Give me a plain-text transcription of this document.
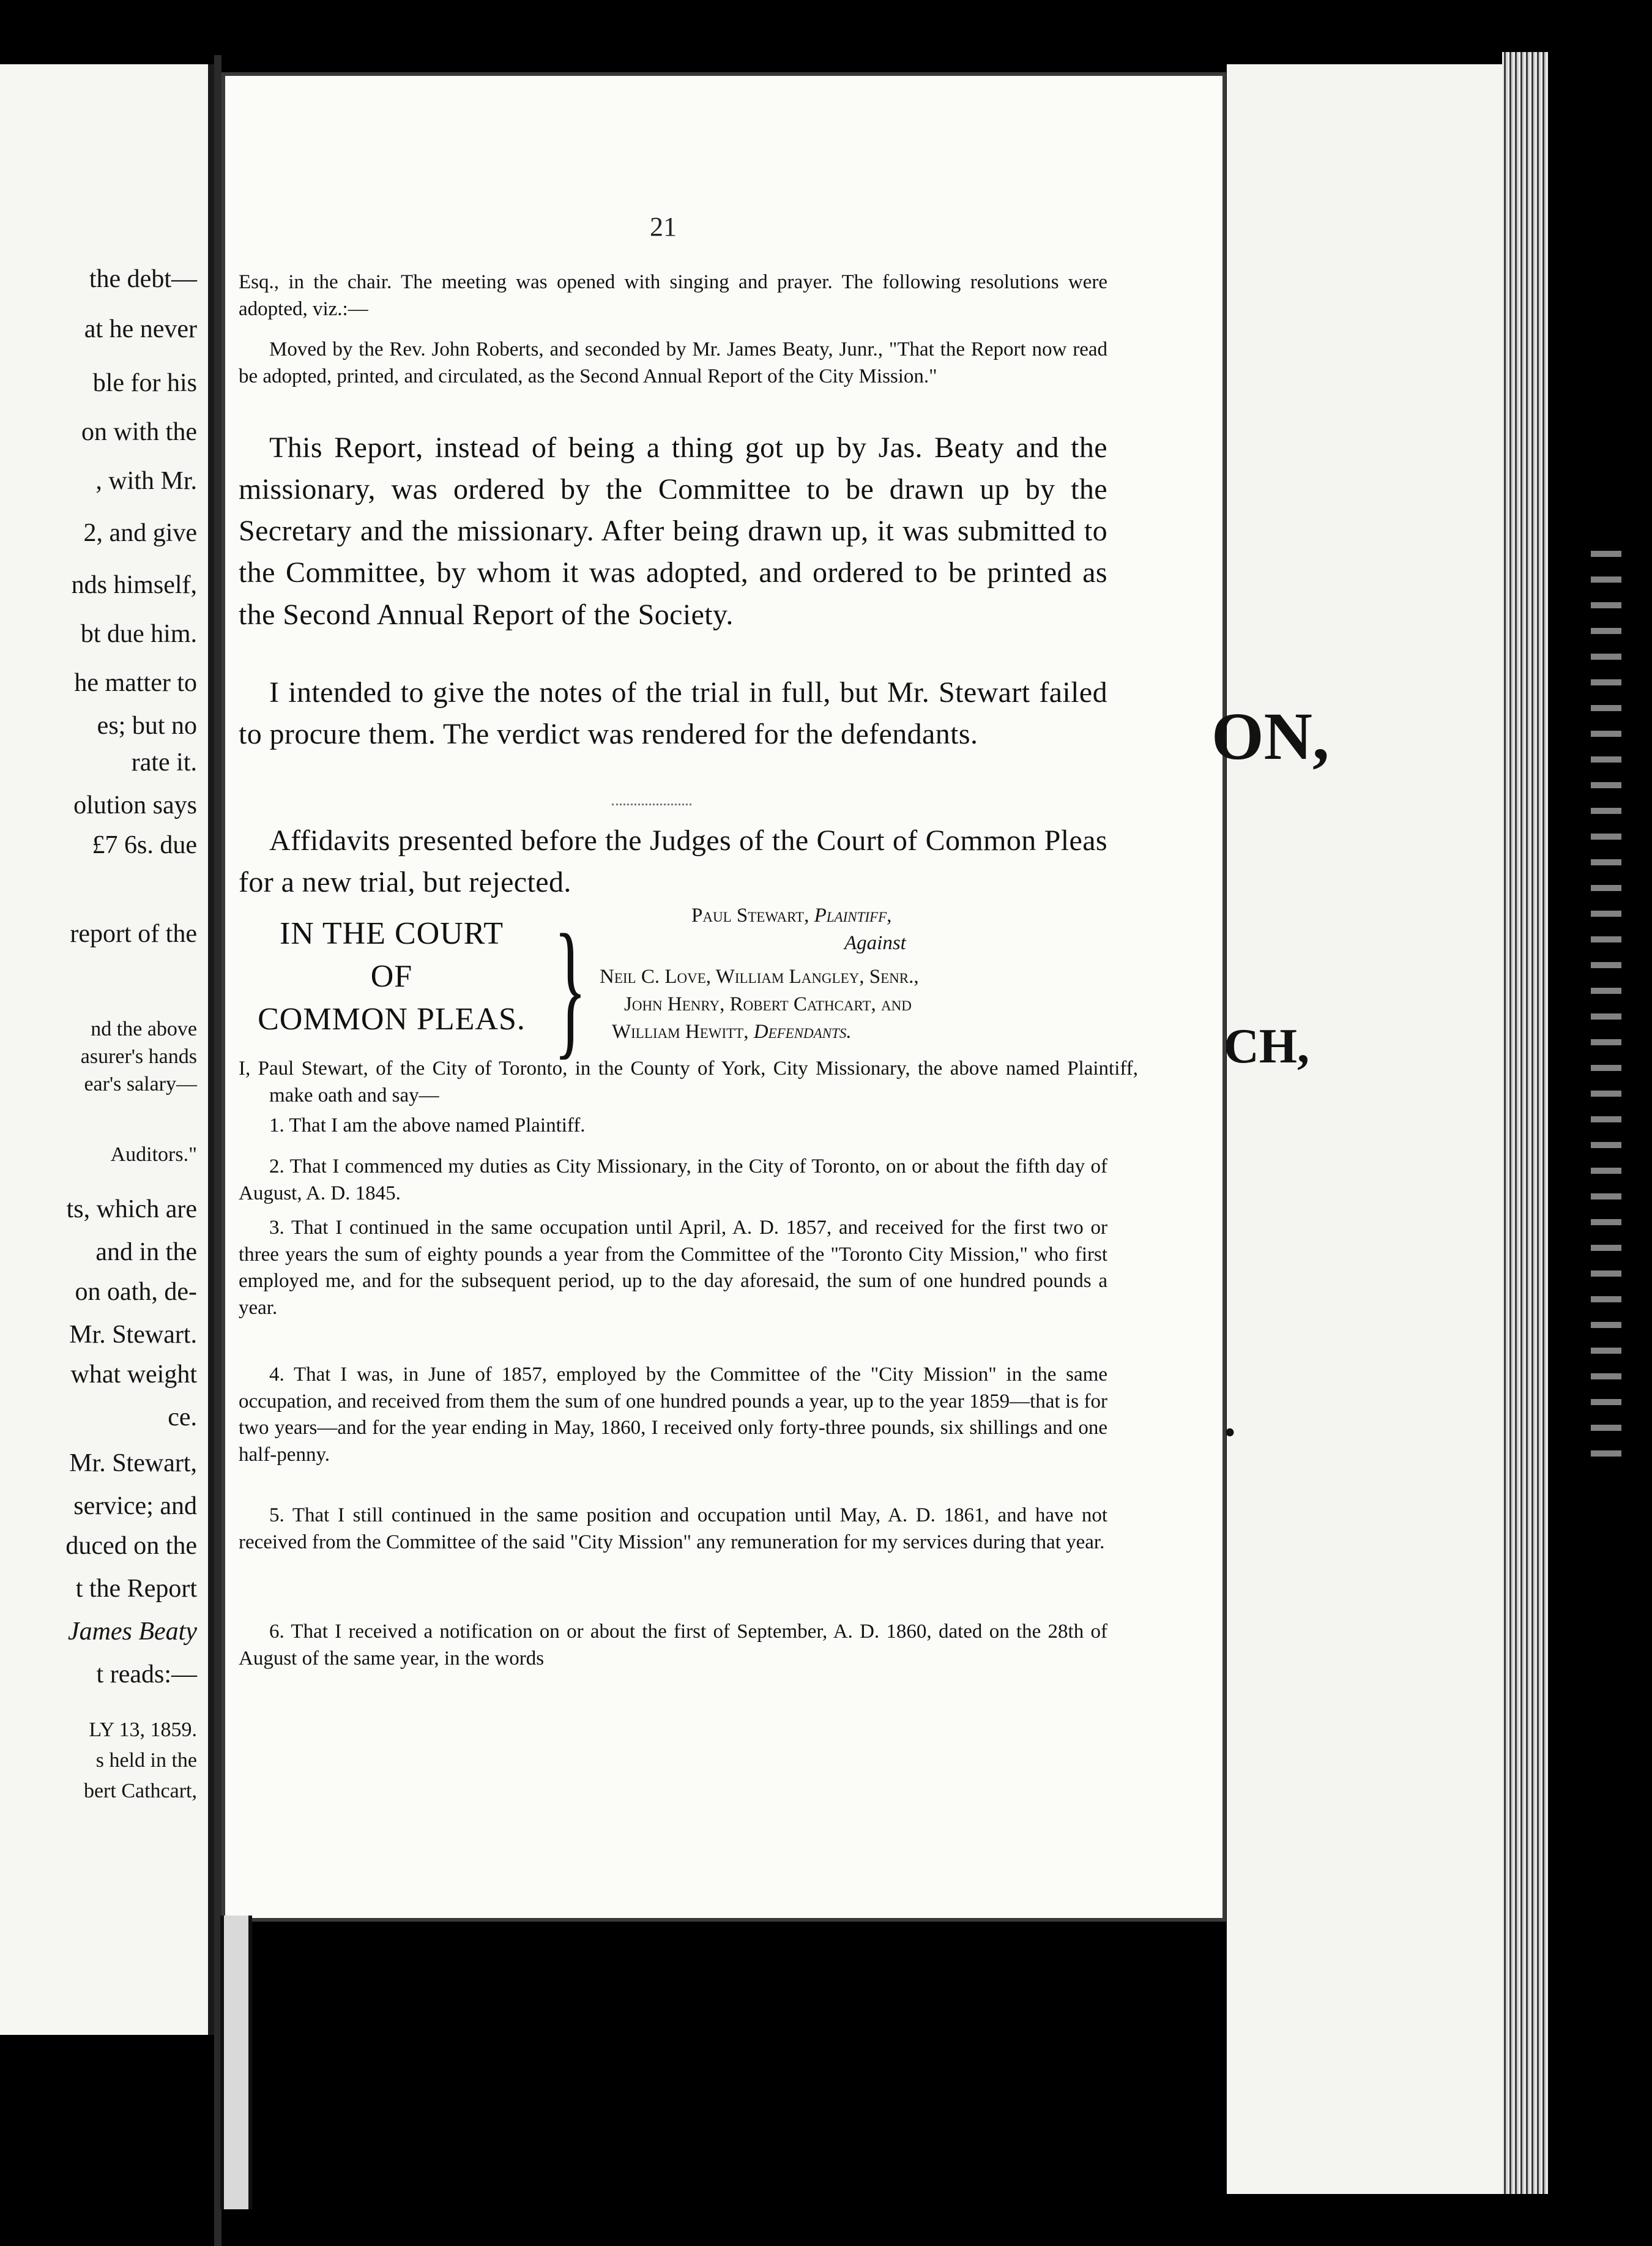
the debt—
at he never
ble for his
on with the
, with Mr.
2, and give
nds himself,
bt due him.
he matter to
es; but no
rate it.
olution says
£7 6s. due
report of the
nd the above
asurer's hands
ear's salary—
Auditors."
ts, which are
and in the
on oath, de-
Mr. Stewart.
what weight
ce.
Mr. Stewart,
service; and
duced on the
t the Report
James Beaty
t reads:—
LY 13, 1859.
s held in the
bert Cathcart,
21
Esq., in the chair. The meeting was opened with singing and prayer. The following resolutions were adopted, viz.:—
Moved by the Rev. John Roberts, and seconded by Mr. James Beaty, Junr., "That the Report now read be adopted, printed, and circulated, as the Second Annual Report of the City Mission."
This Report, instead of being a thing got up by Jas. Beaty and the missionary, was ordered by the Committee to be drawn up by the Secretary and the missionary. After being drawn up, it was submitted to the Committee, by whom it was adopted, and ordered to be printed as the Second Annual Report of the Society.
I intended to give the notes of the trial in full, but Mr. Stewart failed to procure them. The verdict was rendered for the defendants.
Affidavits presented before the Judges of the Court of Common Pleas for a new trial, but rejected.
IN THE COURT
OF
COMMON PLEAS. }	Paul Stewart, Plaintiff,
Against
Neil C. Love, William Langley, Senr.,
John Henry, Robert Cathcart, and
William Hewitt, Defendants.
I, Paul Stewart, of the City of Toronto, in the County of York, City Missionary, the above named Plaintiff, make oath and say—
1. That I am the above named Plaintiff.
2. That I commenced my duties as City Missionary, in the City of Toronto, on or about the fifth day of August, A. D. 1845.
3. That I continued in the same occupation until April, A. D. 1857, and received for the first two or three years the sum of eighty pounds a year from the Committee of the "Toronto City Mission," who first employed me, and for the subsequent period, up to the day aforesaid, the sum of one hundred pounds a year.
4. That I was, in June of 1857, employed by the Committee of the "City Mission" in the same occupation, and received from them the sum of one hundred pounds a year, up to the year 1859—that is for two years—and for the year ending in May, 1860, I received only forty-three pounds, six shillings and one half-penny.
5. That I still continued in the same position and occupation until May, A. D. 1861, and have not received from the Committee of the said "City Mission" any remuneration for my services during that year.
6. That I received a notification on or about the first of September, A. D. 1860, dated on the 28th of August of the same year, in the words
ON,
CH,
.
